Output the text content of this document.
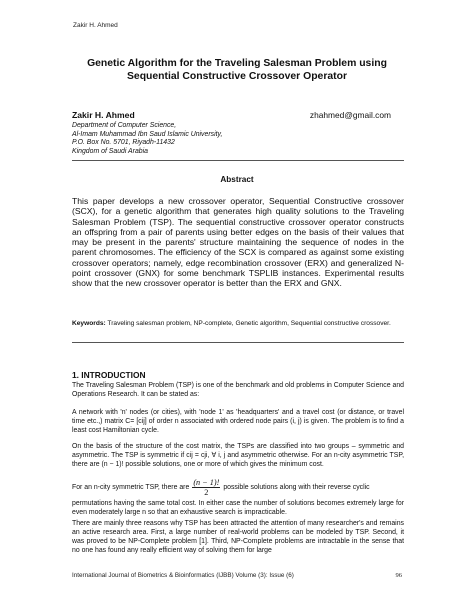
Zakir H. Ahmed
Genetic Algorithm for the Traveling Salesman Problem using Sequential Constructive Crossover Operator
Zakir H. Ahmed	zhahmed@gmail.com
Department of Computer Science,
Al-Imam Muhammad Ibn Saud Islamic University,
P.O. Box No. 5701, Riyadh-11432
Kingdom of Saudi Arabia
Abstract
This paper develops a new crossover operator, Sequential Constructive crossover (SCX), for a genetic algorithm that generates high quality solutions to the Traveling Salesman Problem (TSP). The sequential constructive crossover operator constructs an offspring from a pair of parents using better edges on the basis of their values that may be present in the parents' structure maintaining the sequence of nodes in the parent chromosomes. The efficiency of the SCX is compared as against some existing crossover operators; namely, edge recombination crossover (ERX) and generalized N-point crossover (GNX) for some benchmark TSPLIB instances. Experimental results show that the new crossover operator is better than the ERX and GNX.
Keywords: Traveling salesman problem, NP-complete, Genetic algorithm, Sequential constructive crossover.
1. INTRODUCTION
The Traveling Salesman Problem (TSP) is one of the benchmark and old problems in Computer Science and Operations Research. It can be stated as:
A network with 'n' nodes (or cities), with 'node 1' as 'headquarters' and a travel cost (or distance, or travel time etc.,) matrix C= [cij] of order n associated with ordered node pairs (i, j) is given. The problem is to find a least cost Hamiltonian cycle.
On the basis of the structure of the cost matrix, the TSPs are classified into two groups – symmetric and asymmetric. The TSP is symmetric if cij = cji, ∀ i, j and asymmetric otherwise. For an n-city asymmetric TSP, there are (n − 1)! possible solutions, one or more of which gives the minimum cost.
For an n-city symmetric TSP, there are $\frac{(n - 1)!}{2}$ possible solutions along with their reverse cyclic
permutations having the same total cost. In either case the number of solutions becomes extremely large for even moderately large n so that an exhaustive search is impracticable.
There are mainly three reasons why TSP has been attracted the attention of many researcher's and remains an active research area. First, a large number of real-world problems can be modeled by TSP. Second, it was proved to be NP-Complete problem [1]. Third, NP-Complete problems are intractable in the sense that no one has found any really efficient way of solving them for large
International Journal of Biometrics & Bioinformatics (IJBB) Volume (3): Issue (6)	96
